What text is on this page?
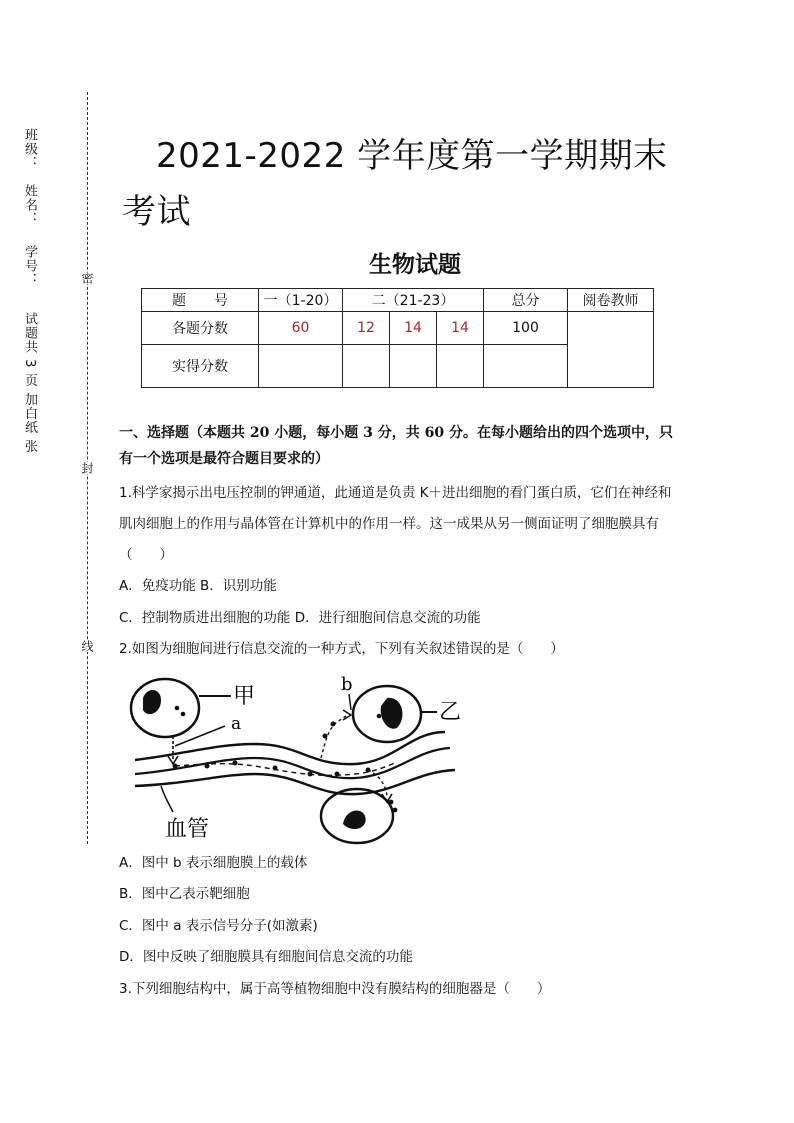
班级：
姓名：
学号：
试题共 3 页 加白纸 张
密
封
线
2021-2022 学年度第一学期期末考试
生物试题
题　　号	一（1-20）	二（21-23）			总分	阅卷教师
各题分数	60	12	14	14	100	
实得分数						
一、选择题（本题共 20 小题，每小题 3 分，共 60 分。在每小题给出的四个选项中，只有一个选项是最符合题目要求的）
1.科学家揭示出电压控制的钾通道，此通道是负责 K＋进出细胞的看门蛋白质，它们在神经和肌肉细胞上的作用与晶体管在计算机中的作用一样。这一成果从另一侧面证明了细胞膜具有 （　　）
A．免疫功能 B．识别功能
C．控制物质进出细胞的功能 D．进行细胞间信息交流的功能
2.如图为细胞间进行信息交流的一种方式，下列有关叙述错误的是（　　）
甲
a
b
乙
血管
A．图中 b 表示细胞膜上的载体
B．图中乙表示靶细胞
C．图中 a 表示信号分子(如激素)
D．图中反映了细胞膜具有细胞间信息交流的功能
3.下列细胞结构中，属于高等植物细胞中没有膜结构的细胞器是（　　）
